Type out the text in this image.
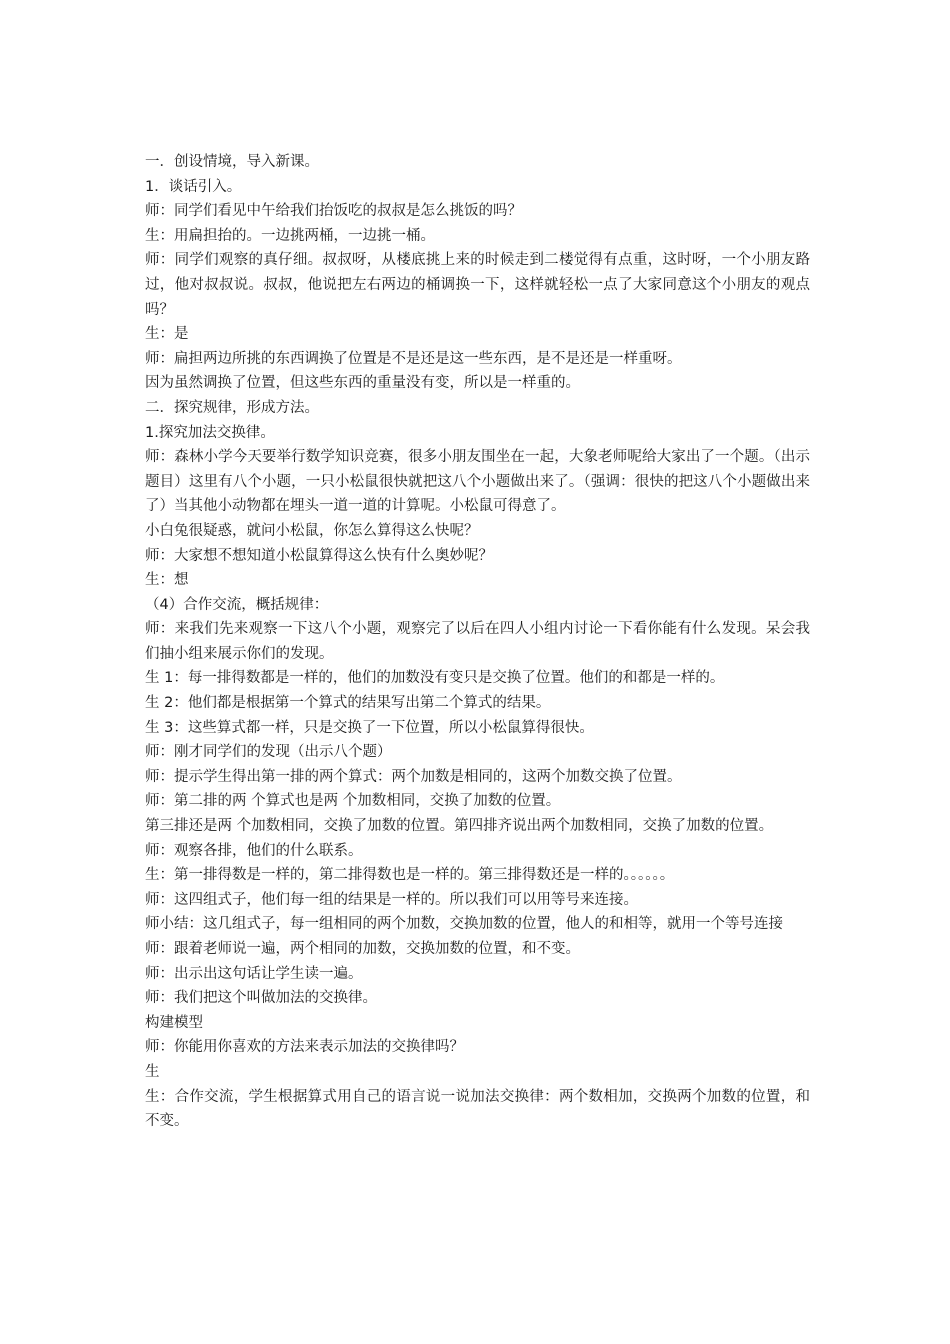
一．创设情境，导入新课。

1．谈话引入。

师：同学们看见中午给我们抬饭吃的叔叔是怎么挑饭的吗？

生：用扁担抬的。一边挑两桶，一边挑一桶。

师：同学们观察的真仔细。叔叔呀，从楼底挑上来的时候走到二楼觉得有点重，这时呀，一个小朋友路过，他对叔叔说。叔叔，他说把左右两边的桶调换一下，这样就轻松一点了大家同意这个小朋友的观点吗？

生：是

师：扁担两边所挑的东西调换了位置是不是还是这一些东西，是不是还是一样重呀。

因为虽然调换了位置，但这些东西的重量没有变，所以是一样重的。

二．探究规律，形成方法。

1.探究加法交换律。

师：森林小学今天要举行数学知识竞赛，很多小朋友围坐在一起，大象老师呢给大家出了一个题。（出示题目）这里有八个小题，一只小松鼠很快就把这八个小题做出来了。（强调：很快的把这八个小题做出来了）当其他小动物都在埋头一道一道的计算呢。小松鼠可得意了。

小白兔很疑惑，就问小松鼠，你怎么算得这么快呢？

师：大家想不想知道小松鼠算得这么快有什么奥妙呢？

生：想

（4）合作交流，概括规律：

师：来我们先来观察一下这八个小题，观察完了以后在四人小组内讨论一下看你能有什么发现。呆会我们抽小组来展示你们的发现。

生 1：每一排得数都是一样的，他们的加数没有变只是交换了位置。他们的和都是一样的。

生 2：他们都是根据第一个算式的结果写出第二个算式的结果。

生 3：这些算式都一样，只是交换了一下位置，所以小松鼠算得很快。

师：刚才同学们的发现（出示八个题）

师：提示学生得出第一排的两个算式：两个加数是相同的，这两个加数交换了位置。

师：第二排的两 个算式也是两 个加数相同，交换了加数的位置。

第三排还是两 个加数相同，交换了加数的位置。第四排齐说出两个加数相同，交换了加数的位置。

师：观察各排，他们的什么联系。

生：第一排得数是一样的，第二排得数也是一样的。第三排得数还是一样的。。。。。。

师：这四组式子，他们每一组的结果是一样的。所以我们可以用等号来连接。

师小结：这几组式子，每一组相同的两个加数，交换加数的位置，他人的和相等，就用一个等号连接

师：跟着老师说一遍，两个相同的加数，交换加数的位置，和不变。

师：出示出这句话让学生读一遍。

师：我们把这个叫做加法的交换律。

构建模型

师：你能用你喜欢的方法来表示加法的交换律吗？

生

生：合作交流，学生根据算式用自己的语言说一说加法交换律：两个数相加，交换两个加数的位置，和不变。
